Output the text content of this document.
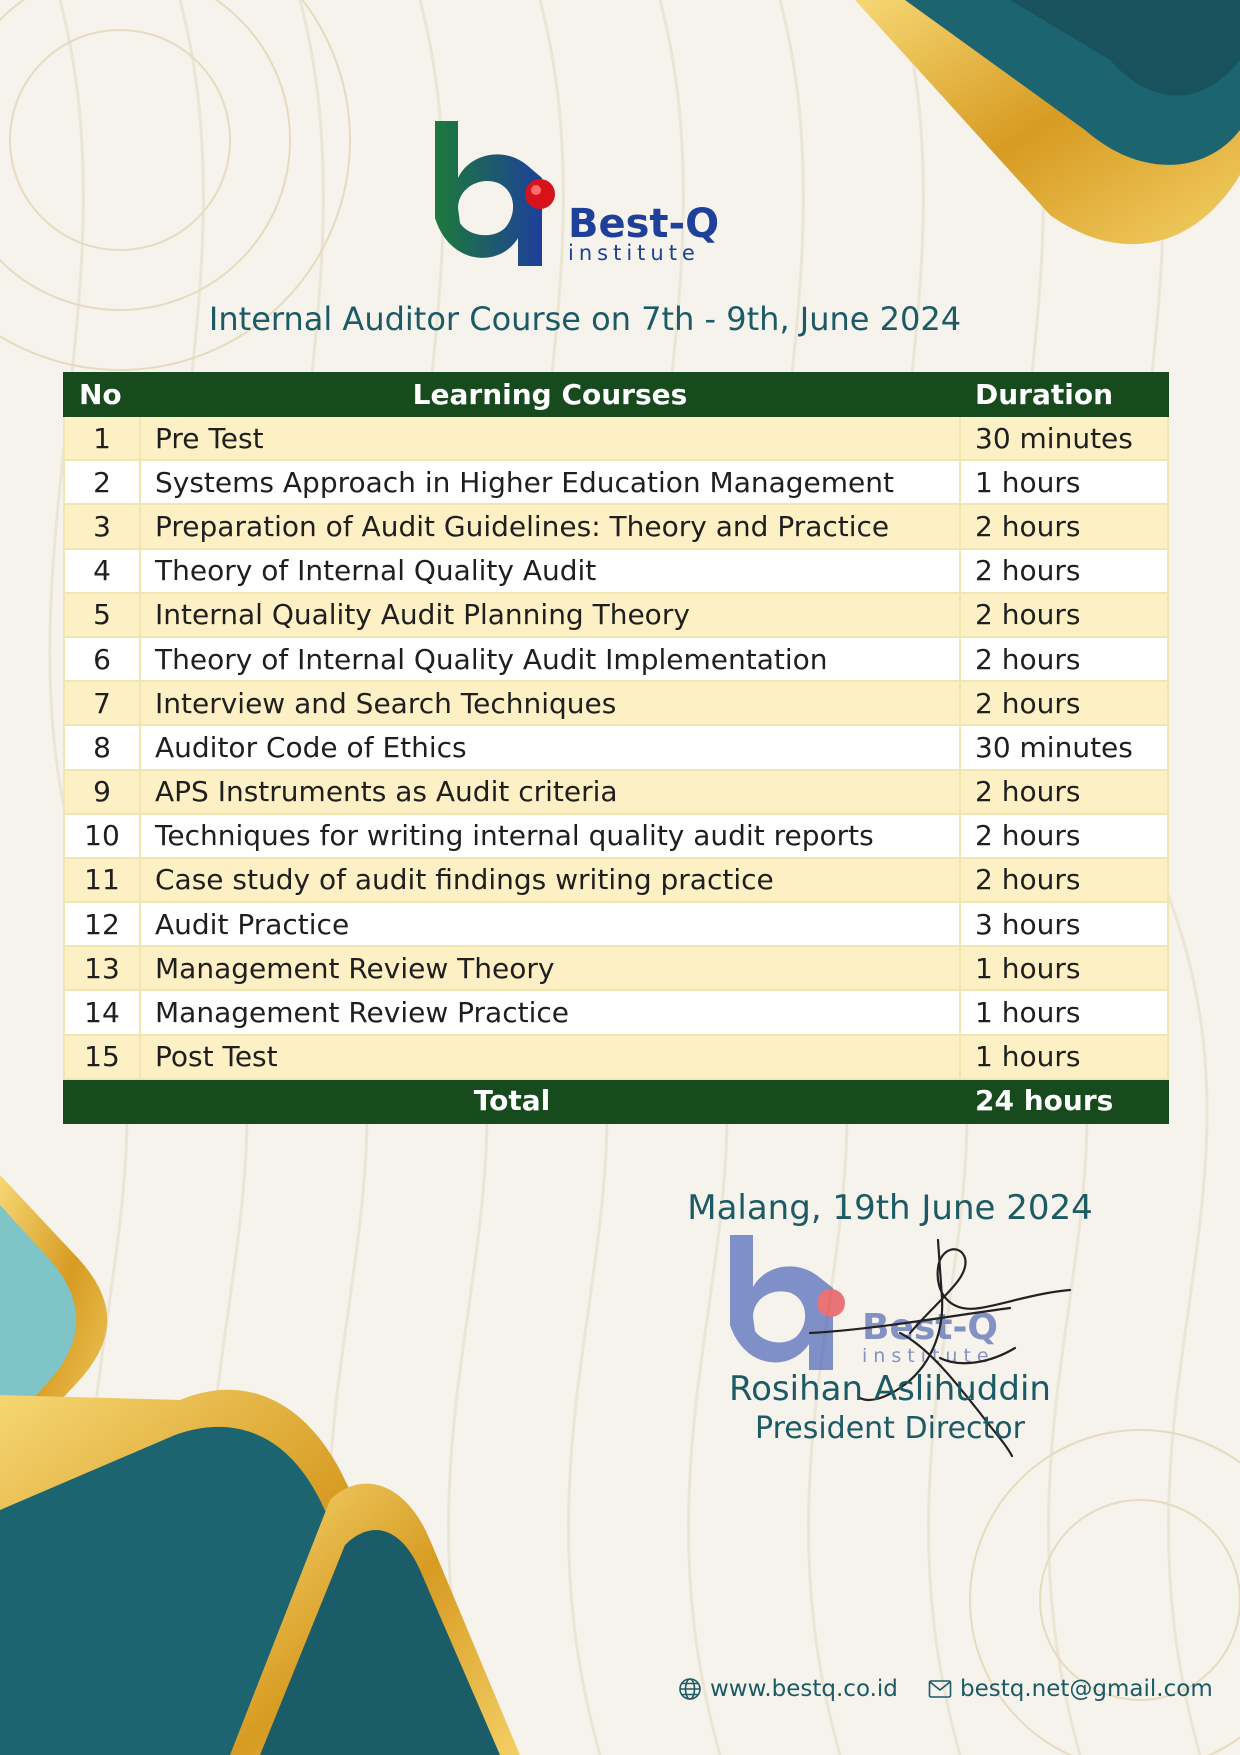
Best-Q
institute
Internal Auditor Course on 7th - 9th, June 2024
No	Learning Courses	Duration
1	Pre Test	30 minutes
2	Systems Approach in Higher Education Management	1 hours
3	Preparation of Audit Guidelines: Theory and Practice	2 hours
4	Theory of Internal Quality Audit	2 hours
5	Internal Quality Audit Planning Theory	2 hours
6	Theory of Internal Quality Audit Implementation	2 hours
7	Interview and Search Techniques	2 hours
8	Auditor Code of Ethics	30 minutes
9	APS Instruments as Audit criteria	2 hours
10	Techniques for writing internal quality audit reports	2 hours
11	Case study of audit findings writing practice	2 hours
12	Audit Practice	3 hours
13	Management Review Theory	1 hours
14	Management Review Practice	1 hours
15	Post Test	1 hours
Total		24 hours
Malang, 19th June 2024
Best-Q
institute
Rosihan Aslihuddin
President Director
www.bestq.co.id	bestq.net@gmail.com
